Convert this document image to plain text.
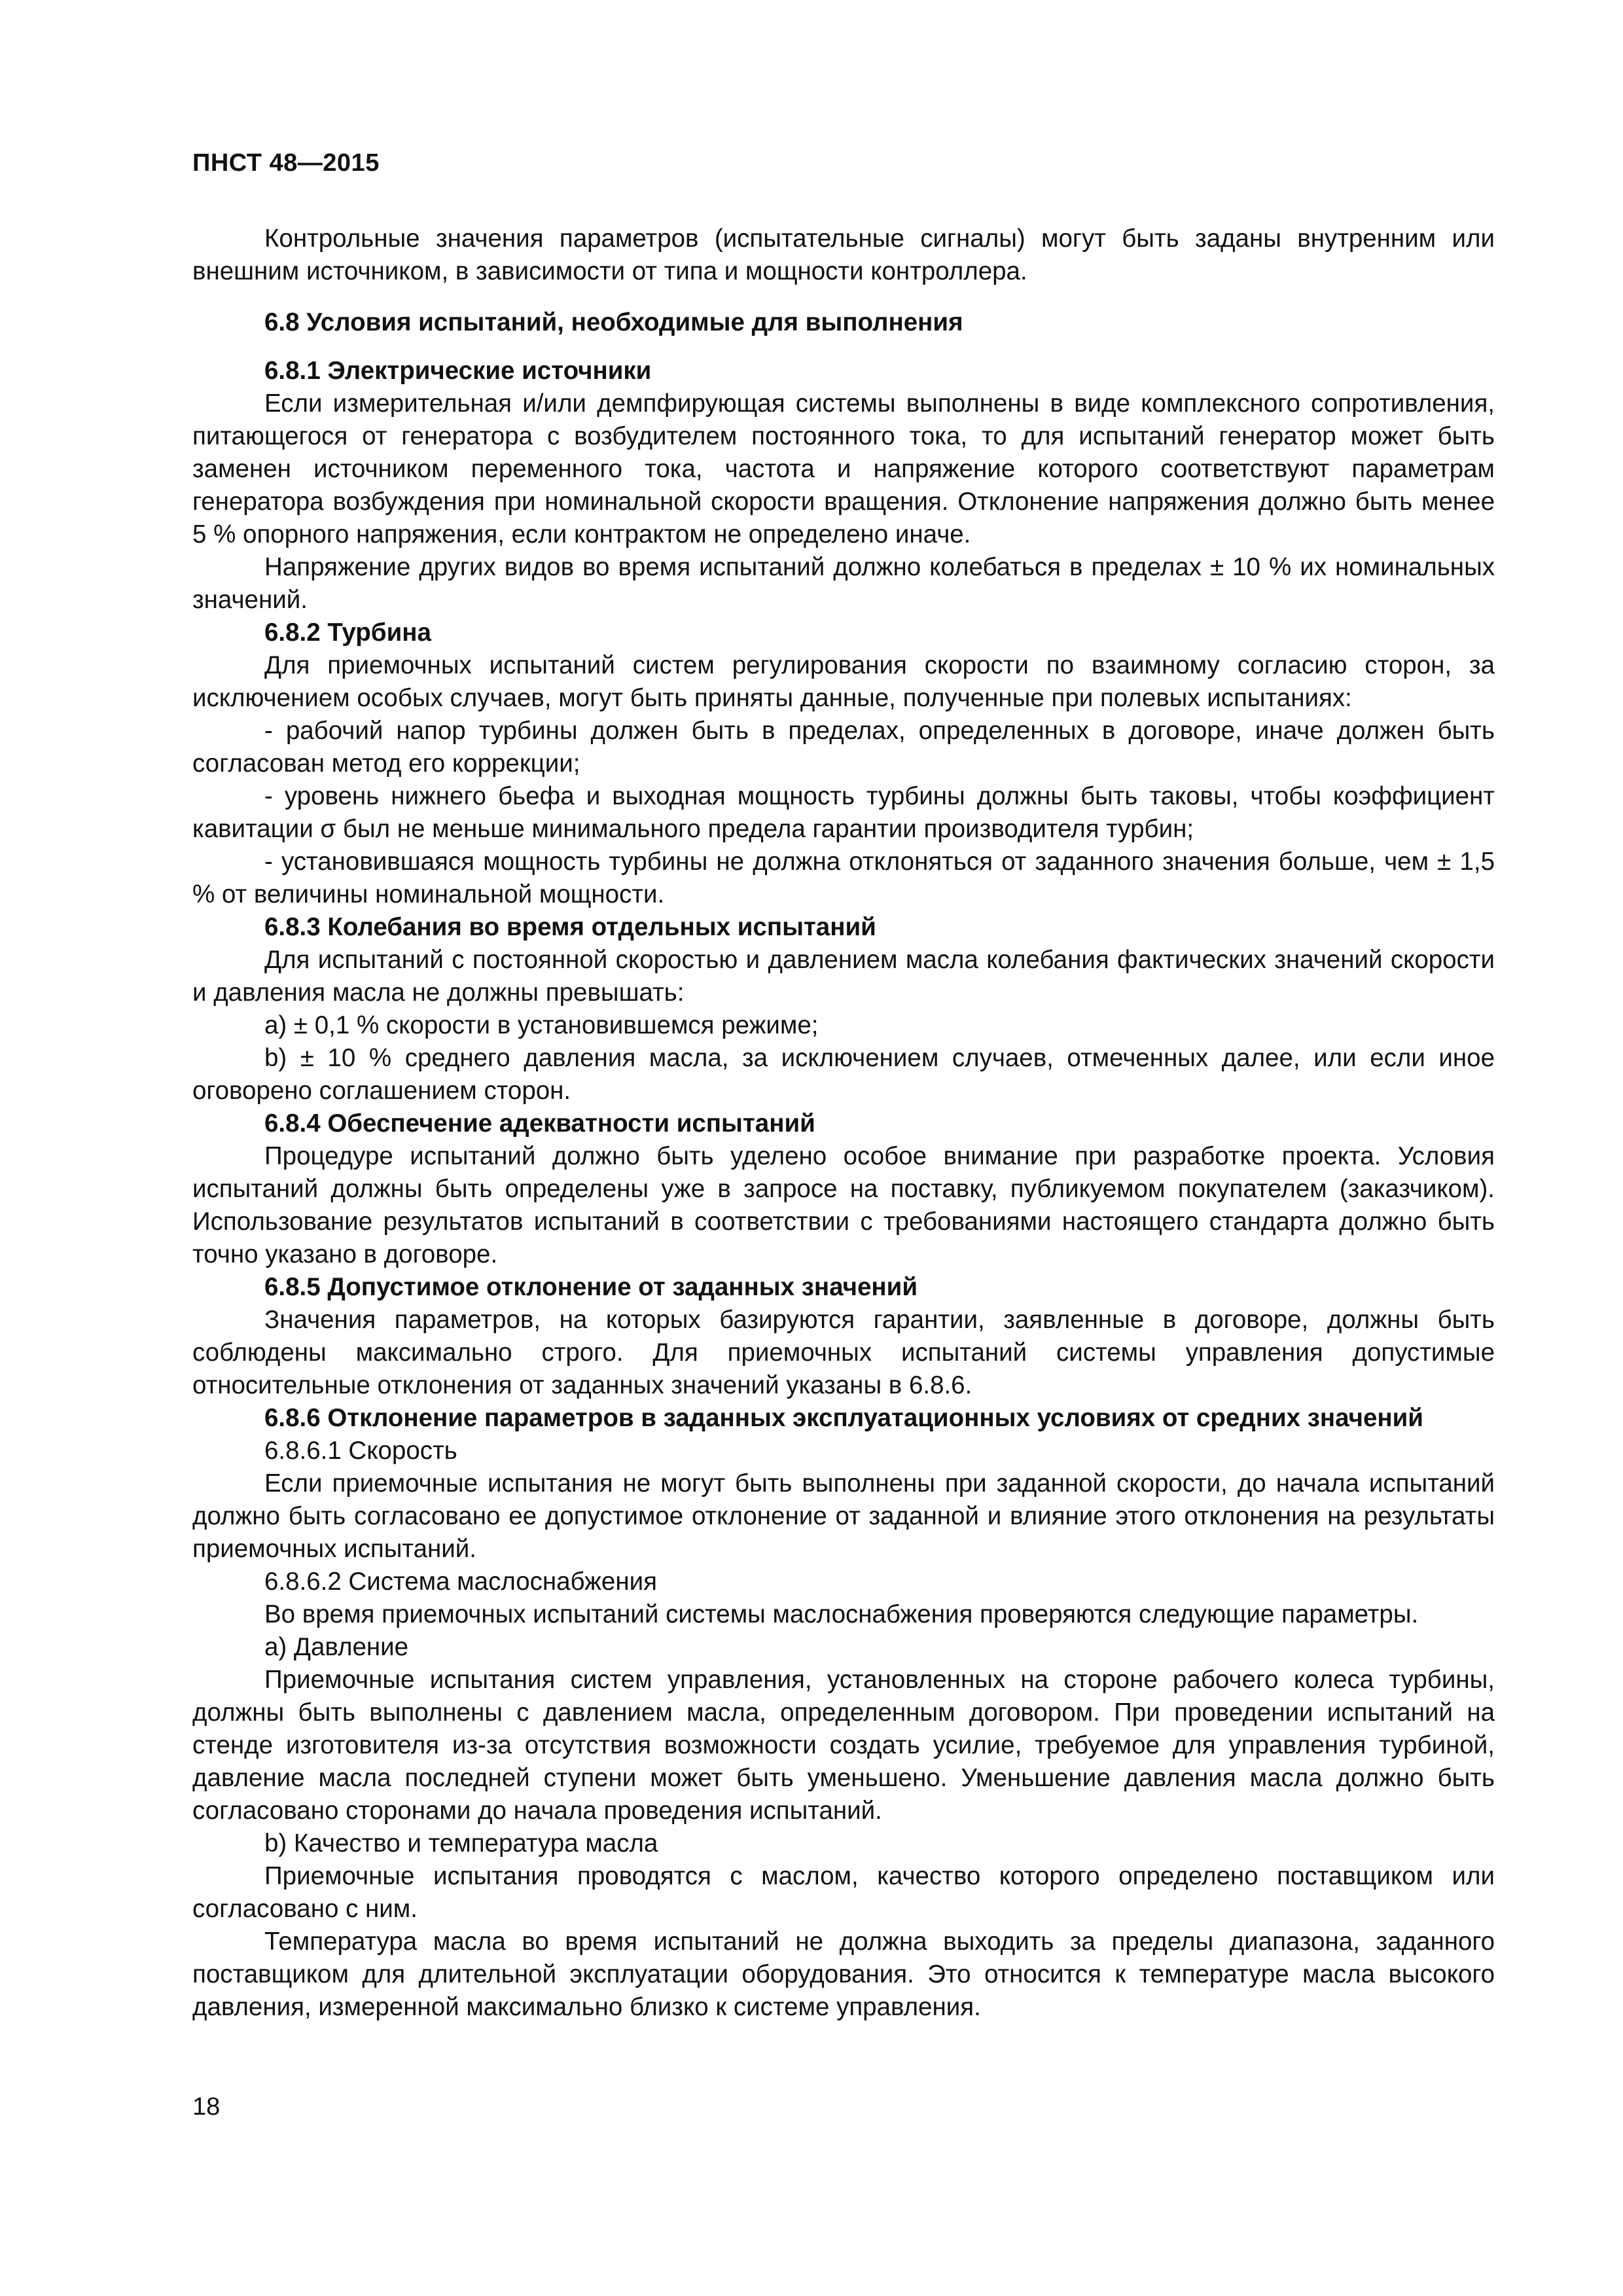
ПНСТ 48—2015

Контрольные значения параметров (испытательные сигналы) могут быть заданы внутренним или внешним источником, в зависимости от типа и мощности контроллера.

6.8 Условия испытаний, необходимые для выполнения

6.8.1 Электрические источники

Если измерительная и/или демпфирующая системы выполнены в виде комплексного сопротивления, питающегося от генератора с возбудителем постоянного тока, то для испытаний генератор может быть заменен источником переменного тока, частота и напряжение которого соответствуют параметрам генератора возбуждения при номинальной скорости вращения. Отклонение напряжения должно быть менее 5 % опорного напряжения, если контрактом не определено иначе.

Напряжение других видов во время испытаний должно колебаться в пределах ± 10 % их номинальных значений.

6.8.2 Турбина

Для приемочных испытаний систем регулирования скорости по взаимному согласию сторон, за исключением особых случаев, могут быть приняты данные, полученные при полевых испытаниях:

- рабочий напор турбины должен быть в пределах, определенных в договоре, иначе должен быть согласован метод его коррекции;

- уровень нижнего бьефа и выходная мощность турбины должны быть таковы, чтобы коэффициент кавитации σ был не меньше минимального предела гарантии производителя турбин;

- установившаяся мощность турбины не должна отклоняться от заданного значения больше, чем ± 1,5 % от величины номинальной мощности.

6.8.3 Колебания во время отдельных испытаний

Для испытаний с постоянной скоростью и давлением масла колебания фактических значений скорости и давления масла не должны превышать:

а) ± 0,1 % скорости в установившемся режиме;

b) ± 10 % среднего давления масла, за исключением случаев, отмеченных далее, или если иное оговорено соглашением сторон.

6.8.4 Обеспечение адекватности испытаний

Процедуре испытаний должно быть уделено особое внимание при разработке проекта. Условия испытаний должны быть определены уже в запросе на поставку, публикуемом покупателем (заказчиком). Использование результатов испытаний в соответствии с требованиями настоящего стандарта должно быть точно указано в договоре.

6.8.5 Допустимое отклонение от заданных значений

Значения параметров, на которых базируются гарантии, заявленные в договоре, должны быть соблюдены максимально строго. Для приемочных испытаний системы управления допустимые относительные отклонения от заданных значений указаны в 6.8.6.

6.8.6 Отклонение параметров в заданных эксплуатационных условиях от средних значений

6.8.6.1 Скорость

Если приемочные испытания не могут быть выполнены при заданной скорости, до начала испытаний должно быть согласовано ее допустимое отклонение от заданной и влияние этого отклонения на результаты приемочных испытаний.

6.8.6.2 Система маслоснабжения

Во время приемочных испытаний системы маслоснабжения проверяются следующие параметры.

а) Давление

Приемочные испытания систем управления, установленных на стороне рабочего колеса турбины, должны быть выполнены с давлением масла, определенным договором. При проведении испытаний на стенде изготовителя из-за отсутствия возможности создать усилие, требуемое для управления турбиной, давление масла последней ступени может быть уменьшено. Уменьшение давления масла должно быть согласовано сторонами до начала проведения испытаний.

b) Качество и температура масла

Приемочные испытания проводятся с маслом, качество которого определено поставщиком или согласовано с ним.

Температура масла во время испытаний не должна выходить за пределы диапазона, заданного поставщиком для длительной эксплуатации оборудования. Это относится к температуре масла высокого давления, измеренной максимально близко к системе управления.

18
